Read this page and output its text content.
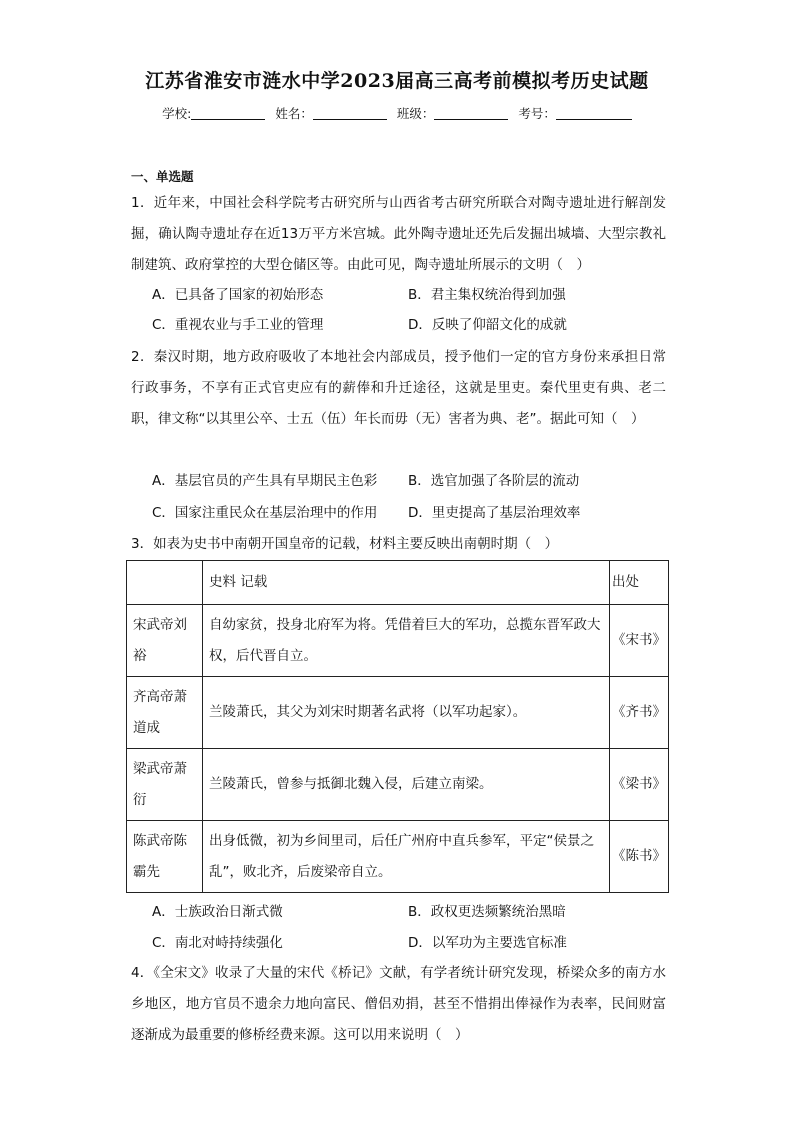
江苏省淮安市涟水中学2023届高三高考前模拟考历史试题
学校:	姓名：	班级：	考号：
一、单选题
1．近年来，中国社会科学院考古研究所与山西省考古研究所联合对陶寺遗址进行解剖发掘，确认陶寺遗址存在近13万平方米宫城。此外陶寺遗址还先后发掘出城墙、大型宗教礼制建筑、政府掌控的大型仓储区等。由此可见，陶寺遗址所展示的文明（　）
A．已具备了国家的初始形态	B．君主集权统治得到加强
C．重视农业与手工业的管理	D．反映了仰韶文化的成就
2．秦汉时期，地方政府吸收了本地社会内部成员，授予他们一定的官方身份来承担日常行政事务，不享有正式官吏应有的薪俸和升迁途径，这就是里吏。秦代里吏有典、老二职，律文称“以其里公卒、士五（伍）年长而毋（无）害者为典、老”。据此可知（　）
A．基层官员的产生具有早期民主色彩 B．选官加强了各阶层的流动
C．国家注重民众在基层治理中的作用 D．里吏提高了基层治理效率
3．如表为史书中南朝开国皇帝的记载，材料主要反映出南朝时期（　）
	史料 记载	出处
宋武帝刘裕	自幼家贫，投身北府军为将。凭借着巨大的军功，总揽东晋军政大权，后代晋自立。	《宋书》
齐高帝萧道成	兰陵萧氏，其父为刘宋时期著名武将（以军功起家）。	《齐书》
梁武帝萧衍	兰陵萧氏，曾参与抵御北魏入侵，后建立南梁。	《梁书》
陈武帝陈霸先	出身低微，初为乡间里司，后任广州府中直兵参军，平定“侯景之乱”，败北齐，后废梁帝自立。	《陈书》
A．士族政治日渐式微	B．政权更迭频繁统治黑暗
C．南北对峙持续强化	D．以军功为主要选官标准
4．《全宋文》收录了大量的宋代《桥记》文献，有学者统计研究发现，桥梁众多的南方水乡地区，地方官员不遗余力地向富民、僧侣劝捐，甚至不惜捐出俸禄作为表率，民间财富逐渐成为最重要的修桥经费来源。这可以用来说明（　）
